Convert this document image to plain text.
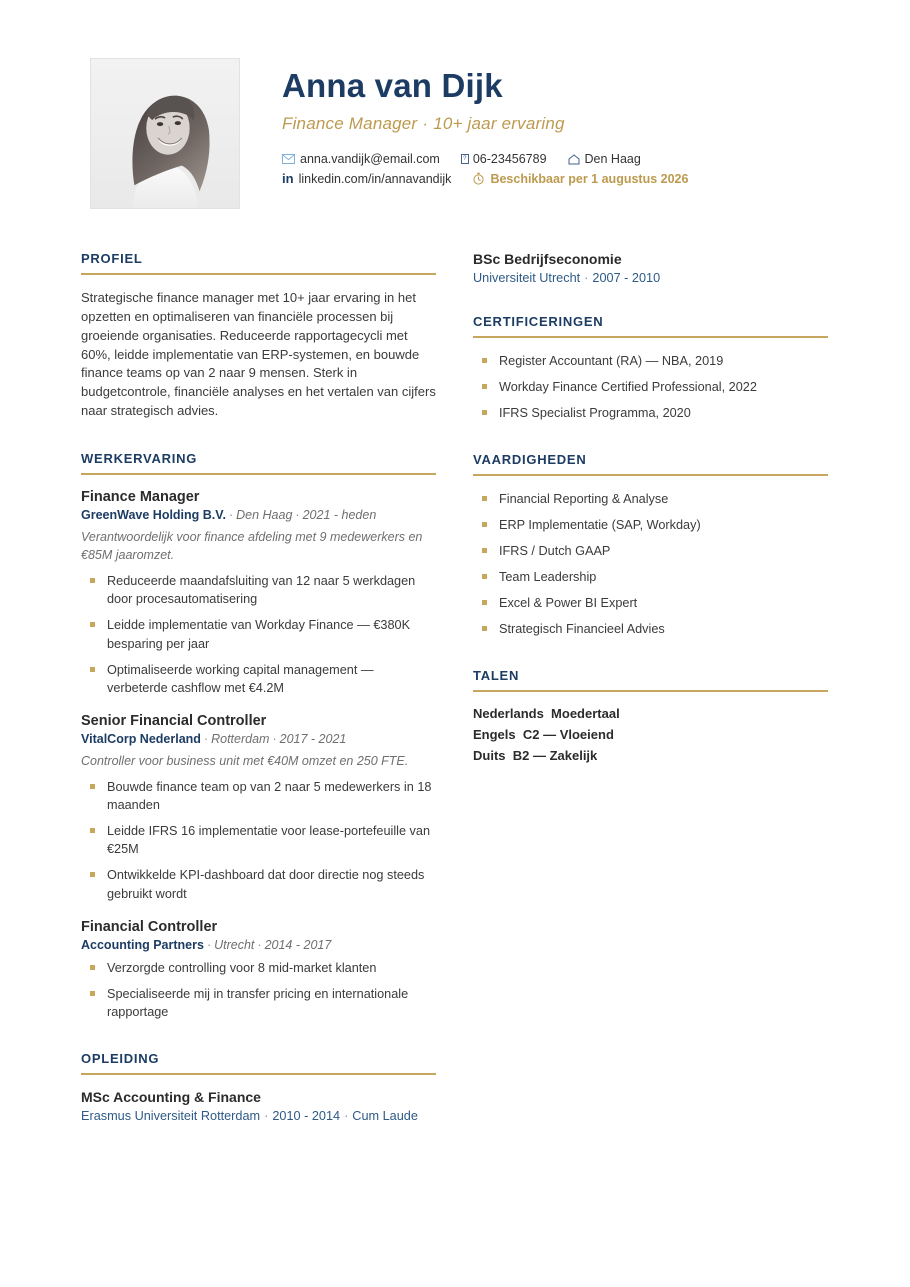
Anna van Dijk
Finance Manager · 10+ jaar ervaring
anna.vandijk@email.com	? 06-23456789	Den Haag
in linkedin.com/in/annavandijk	Beschikbaar per 1 augustus 2026
PROFIEL
Strategische finance manager met 10+ jaar ervaring in het opzetten en optimaliseren van financiële processen bij groeiende organisaties. Reduceerde rapportagecycli met 60%, leidde implementatie van ERP-systemen, en bouwde finance teams op van 2 naar 9 mensen. Sterk in budgetcontrole, financiële analyses en het vertalen van cijfers naar strategisch advies.
WERKERVARING
Finance Manager
GreenWave Holding B.V. · Den Haag · 2021 - heden
Verantwoordelijk voor finance afdeling met 9 medewerkers en €85M jaaromzet.
Reduceerde maandafsluiting van 12 naar 5 werkdagen door procesautomatisering
Leidde implementatie van Workday Finance — €380K besparing per jaar
Optimaliseerde working capital management — verbeterde cashflow met €4.2M
Senior Financial Controller
VitalCorp Nederland · Rotterdam · 2017 - 2021
Controller voor business unit met €40M omzet en 250 FTE.
Bouwde finance team op van 2 naar 5 medewerkers in 18 maanden
Leidde IFRS 16 implementatie voor lease-portefeuille van €25M
Ontwikkelde KPI-dashboard dat door directie nog steeds gebruikt wordt
Financial Controller
Accounting Partners · Utrecht · 2014 - 2017
Verzorgde controlling voor 8 mid-market klanten
Specialiseerde mij in transfer pricing en internationale rapportage
OPLEIDING
MSc Accounting & Finance
Erasmus Universiteit Rotterdam · 2010 - 2014 · Cum Laude
BSc Bedrijfseconomie
Universiteit Utrecht · 2007 - 2010
CERTIFICERINGEN
Register Accountant (RA) — NBA, 2019
Workday Finance Certified Professional, 2022
IFRS Specialist Programma, 2020
VAARDIGHEDEN
Financial Reporting & Analyse
ERP Implementatie (SAP, Workday)
IFRS / Dutch GAAP
Team Leadership
Excel & Power BI Expert
Strategisch Financieel Advies
TALEN
Nederlands Moedertaal
Engels C2 — Vloeiend
Duits B2 — Zakelijk
